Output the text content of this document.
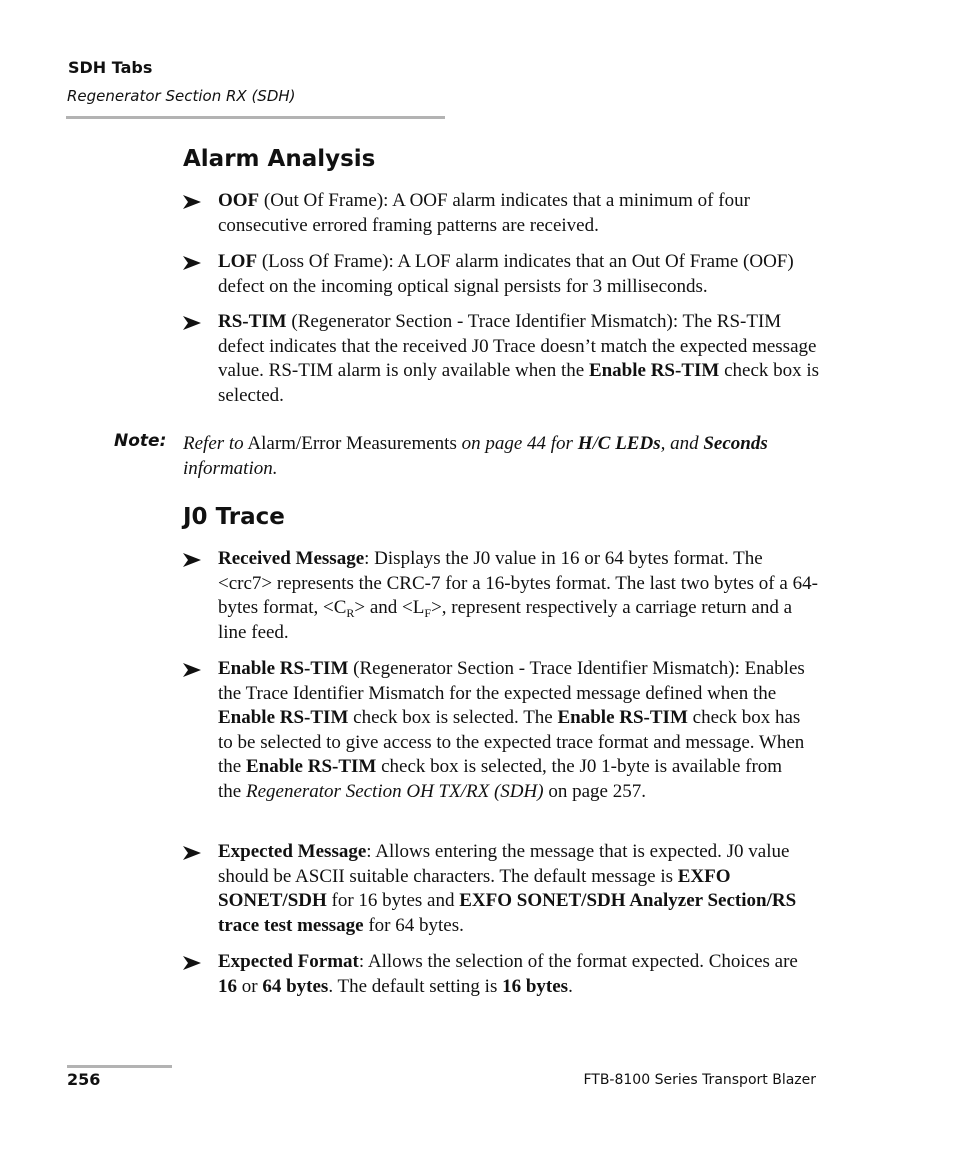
SDH Tabs
Regenerator Section RX (SDH)
Alarm Analysis
OOF (Out Of Frame): A OOF alarm indicates that a minimum of four consecutive errored framing patterns are received.
LOF (Loss Of Frame): A LOF alarm indicates that an Out Of Frame (OOF) defect on the incoming optical signal persists for 3 milliseconds.
RS-TIM (Regenerator Section - Trace Identifier Mismatch): The RS-TIM defect indicates that the received J0 Trace doesn’t match the expected message value. RS-TIM alarm is only available when the Enable RS-TIM check box is selected.
Note: Refer to Alarm/Error Measurements on page 44 for H/C LEDs, and Seconds information.
J0 Trace
Received Message: Displays the J0 value in 16 or 64 bytes format. The <crc7> represents the CRC-7 for a 16-bytes format. The last two bytes of a 64-bytes format, $<C_R>$ and $<L_F>$, represent respectively a carriage return and a line feed.
Enable RS-TIM (Regenerator Section - Trace Identifier Mismatch): Enables the Trace Identifier Mismatch for the expected message defined when the Enable RS-TIM check box is selected. The Enable RS-TIM check box has to be selected to give access to the expected trace format and message. When the Enable RS-TIM check box is selected, the J0 1-byte is available from the Regenerator Section OH TX/RX (SDH) on page 257.
Expected Message: Allows entering the message that is expected. J0 value should be ASCII suitable characters. The default message is EXFO SONET/SDH for 16 bytes and EXFO SONET/SDH Analyzer Section/RS trace test message for 64 bytes.
Expected Format: Allows the selection of the format expected. Choices are 16 or 64 bytes. The default setting is 16 bytes.
256	FTB-8100 Series Transport Blazer
